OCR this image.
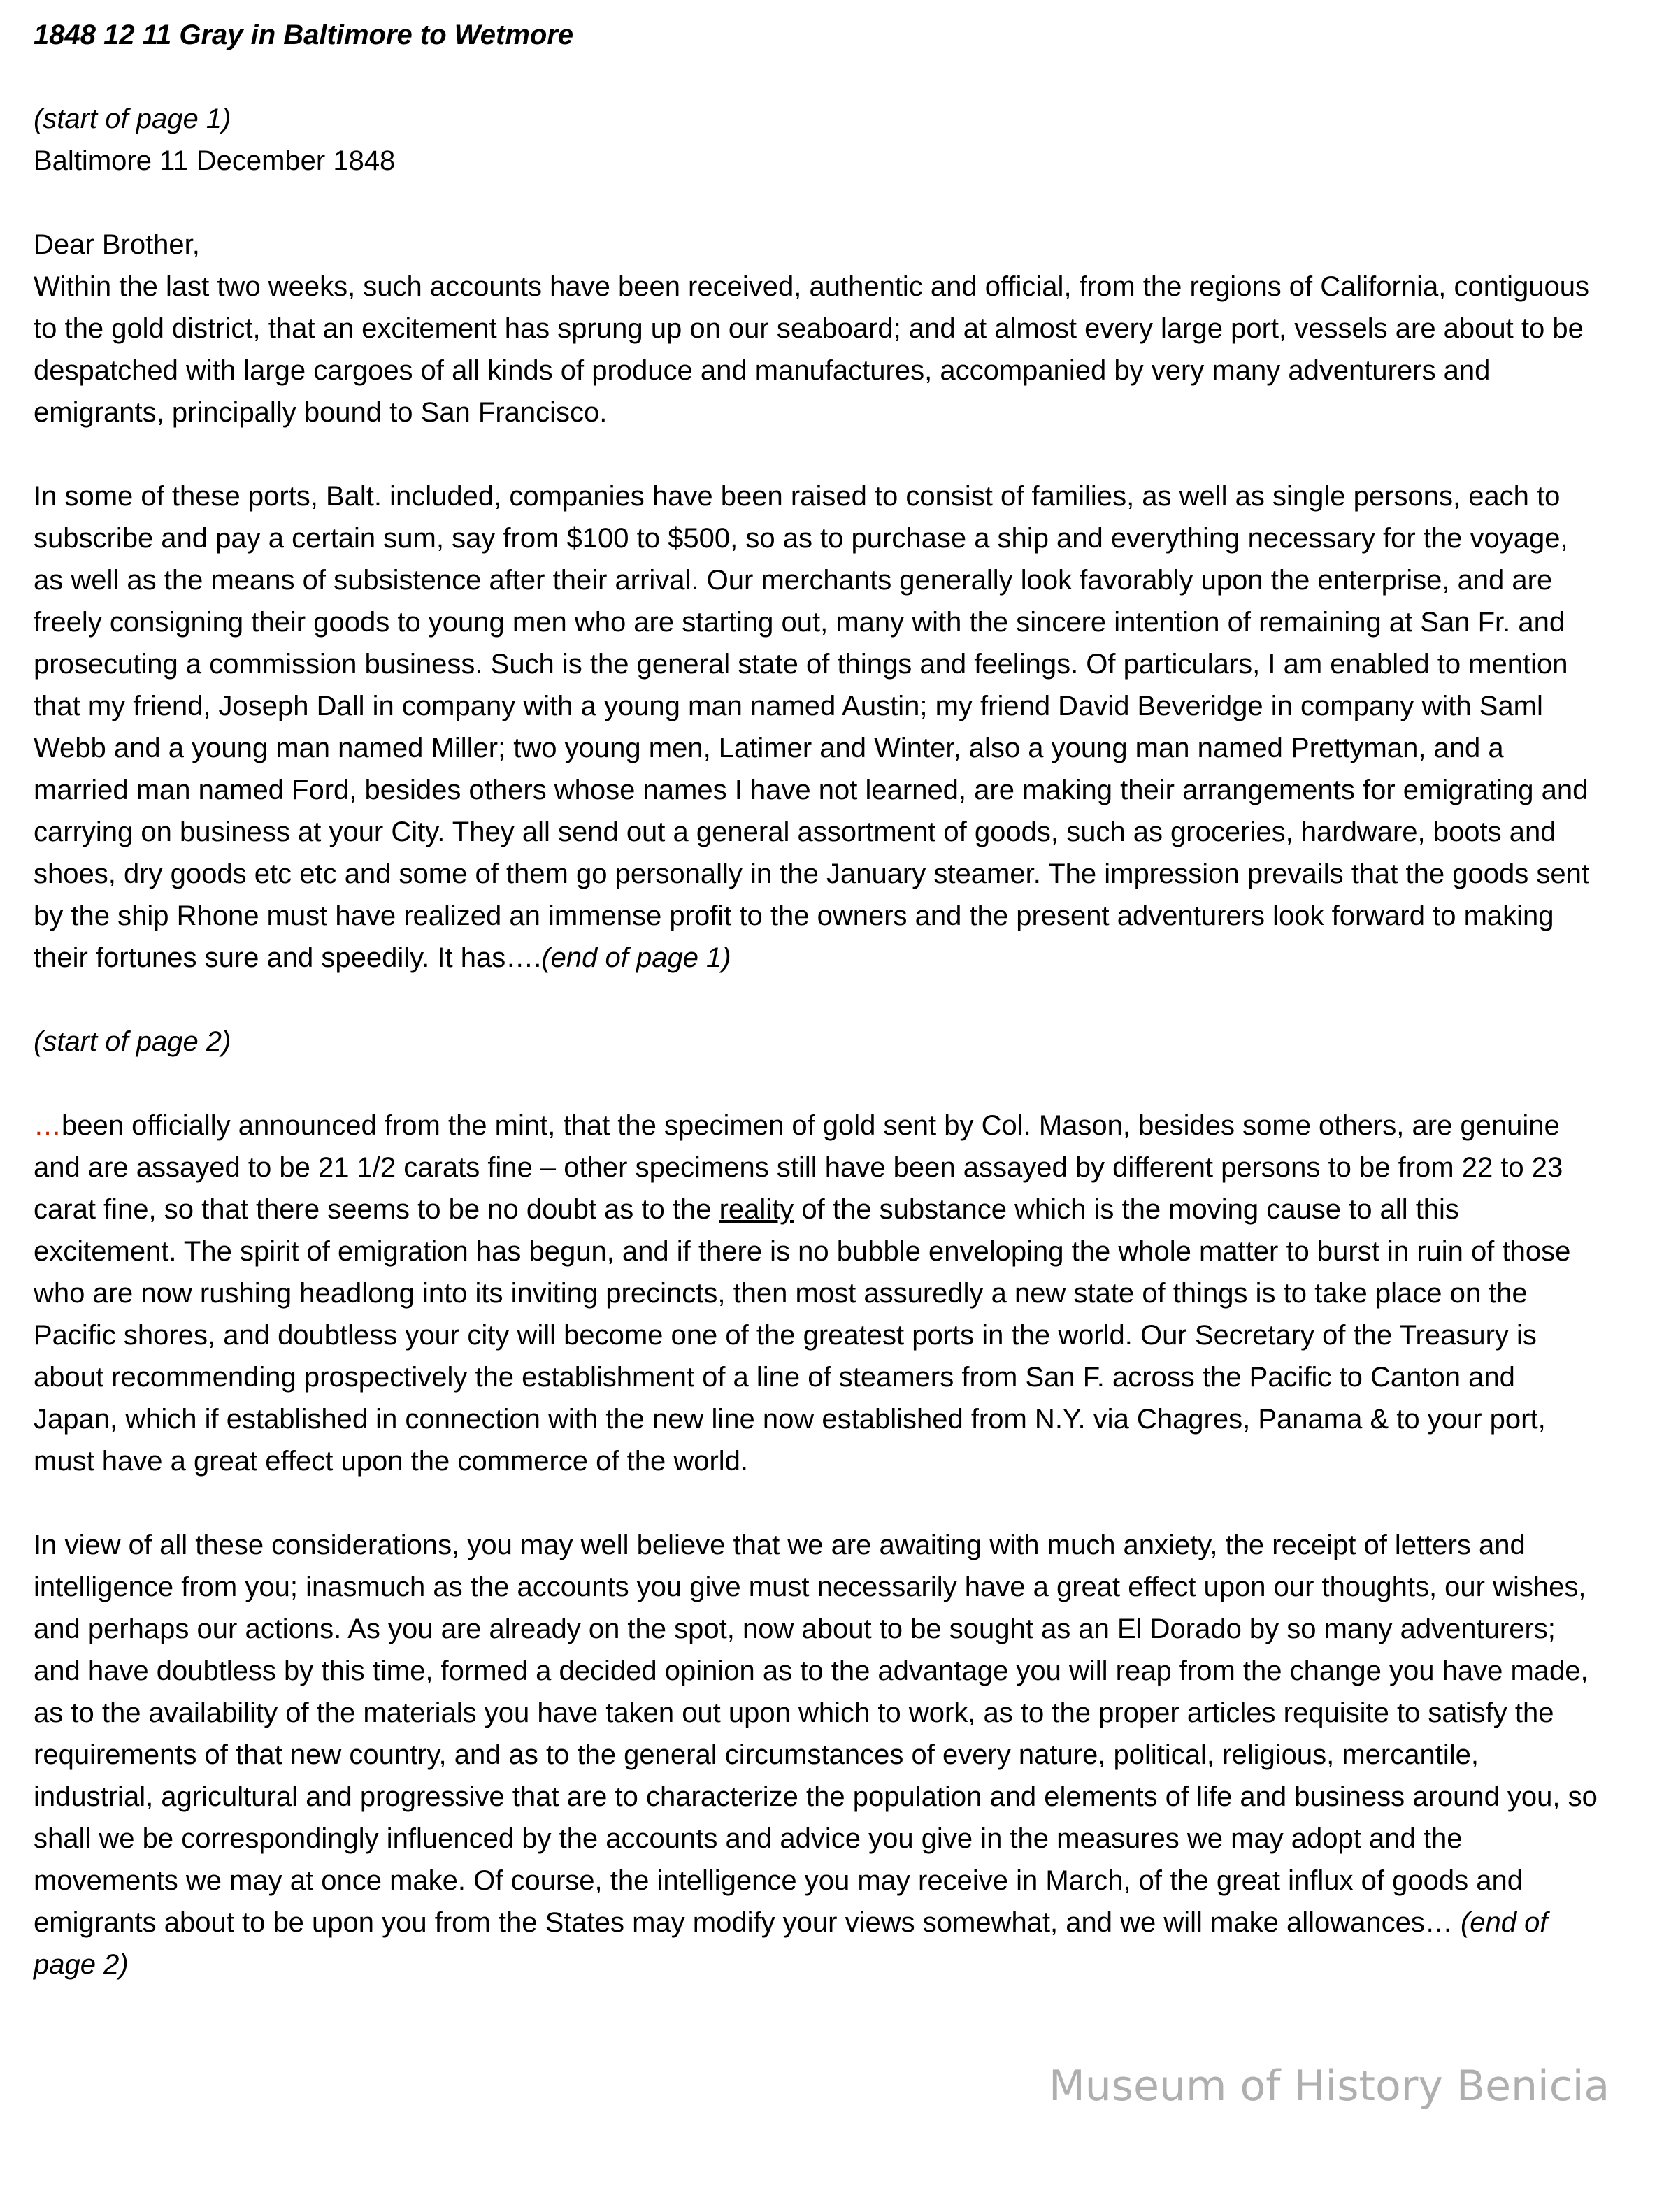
1848 12 11 Gray in Baltimore to Wetmore
(start of page 1)
Baltimore 11 December 1848
Dear Brother,
Within the last two weeks, such accounts have been received, authentic and official, from the regions of California, contiguous to the gold district, that an excitement has sprung up on our seaboard; and at almost every large port, vessels are about to be despatched with large cargoes of all kinds of produce and manufactures, accompanied by very many adventurers and emigrants, principally bound to San Francisco.
In some of these ports, Balt. included, companies have been raised to consist of families, as well as single persons, each to subscribe and pay a certain sum, say from $100 to $500, so as to purchase a ship and everything necessary for the voyage, as well as the means of subsistence after their arrival. Our merchants generally look favorably upon the enterprise, and are freely consigning their goods to young men who are starting out, many with the sincere intention of remaining at San Fr. and prosecuting a commission business. Such is the general state of things and feelings. Of particulars, I am enabled to mention that my friend, Joseph Dall in company with a young man named Austin; my friend David Beveridge in company with Saml Webb and a young man named Miller; two young men, Latimer and Winter, also a young man named Prettyman, and a married man named Ford, besides others whose names I have not learned, are making their arrangements for emigrating and carrying on business at your City. They all send out a general assortment of goods, such as groceries, hardware, boots and shoes, dry goods etc etc and some of them go personally in the January steamer. The impression prevails that the goods sent by the ship Rhone must have realized an immense profit to the owners and the present adventurers look forward to making their fortunes sure and speedily. It has….(end of page 1)
(start of page 2)
…been officially announced from the mint, that the specimen of gold sent by Col. Mason, besides some others, are genuine and are assayed to be 21 1/2 carats fine – other specimens still have been assayed by different persons to be from 22 to 23 carat fine, so that there seems to be no doubt as to the reality of the substance which is the moving cause to all this excitement. The spirit of emigration has begun, and if there is no bubble enveloping the whole matter to burst in ruin of those who are now rushing headlong into its inviting precincts, then most assuredly a new state of things is to take place on the Pacific shores, and doubtless your city will become one of the greatest ports in the world. Our Secretary of the Treasury is about recommending prospectively the establishment of a line of steamers from San F. across the Pacific to Canton and Japan, which if established in connection with the new line now established from N.Y. via Chagres, Panama & to your port, must have a great effect upon the commerce of the world.
In view of all these considerations, you may well believe that we are awaiting with much anxiety, the receipt of letters and intelligence from you; inasmuch as the accounts you give must necessarily have a great effect upon our thoughts, our wishes, and perhaps our actions. As you are already on the spot, now about to be sought as an El Dorado by so many adventurers; and have doubtless by this time, formed a decided opinion as to the advantage you will reap from the change you have made, as to the availability of the materials you have taken out upon which to work, as to the proper articles requisite to satisfy the requirements of that new country, and as to the general circumstances of every nature, political, religious, mercantile, industrial, agricultural and progressive that are to characterize the population and elements of life and business around you, so shall we be correspondingly influenced by the accounts and advice you give in the measures we may adopt and the movements we may at once make. Of course, the intelligence you may receive in March, of the great influx of goods and emigrants about to be upon you from the States may modify your views somewhat, and we will make allowances… (end of page 2)
Museum of History Benicia
